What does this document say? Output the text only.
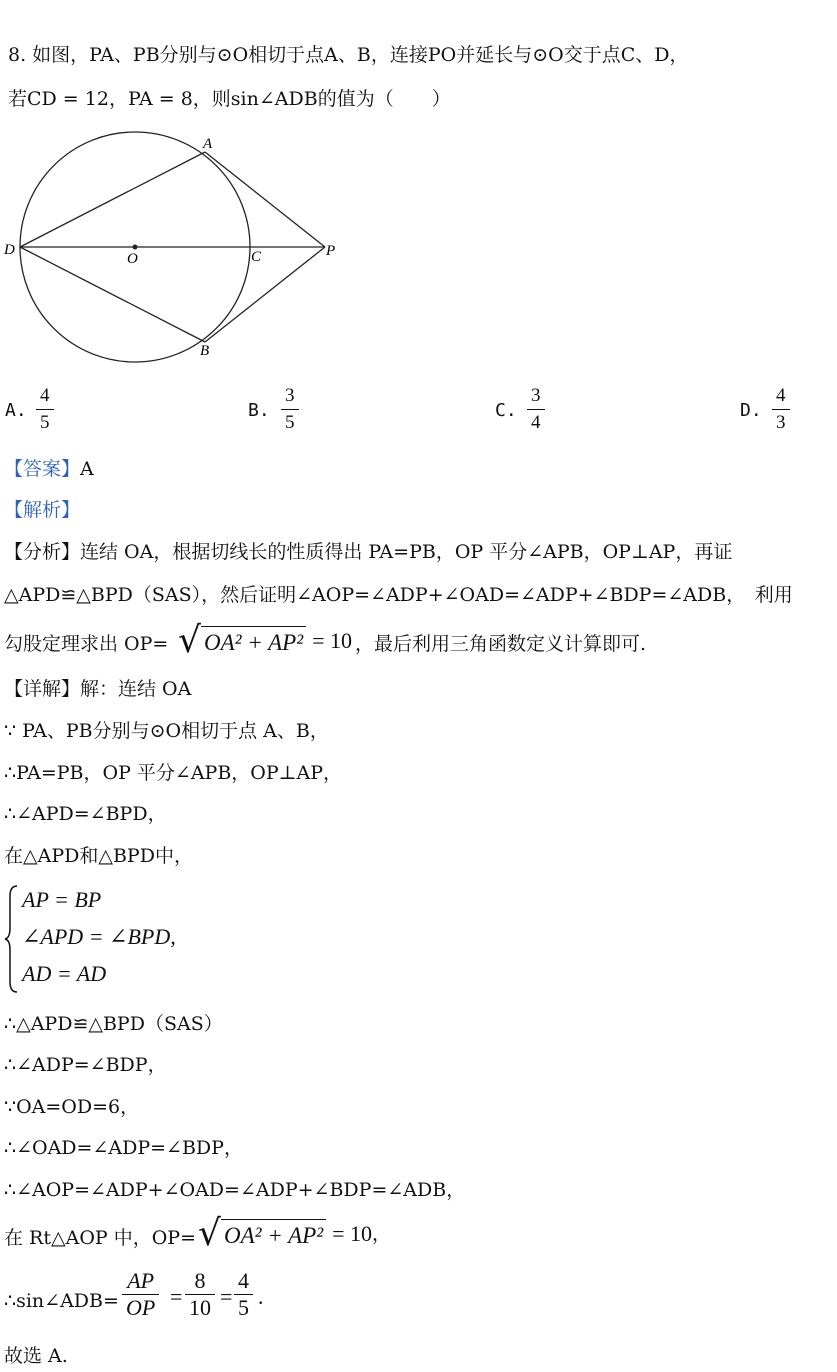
8. 如图，PA、PB分别与⊙O相切于点A、B，连接PO并延长与⊙O交于点C、D，
若CD = 12，PA = 8，则sin∠ADB的值为（　　）
A
B
C
D
O	P
A.
4
5
B.
3
5
C.
3
4
D.
4
3
【答案】A
【解析】
【分析】连结 OA，根据切线长的性质得出 PA=PB，OP 平分∠APB，OP⊥AP，再证
△APD≌△BPD（SAS），然后证明∠AOP=∠ADP+∠OAD=∠ADP+∠BDP=∠ADB，　利用
勾股定理求出 OP= √ OA² + AP² = 10 ，最后利用三角函数定义计算即可.
【详解】解：连结 OA
∵ PA、PB分别与⊙O相切于点 A、B，
∴PA=PB，OP 平分∠APB，OP⊥AP，
∴∠APD=∠BPD，
在△APD和△BPD中，
AP = BP
∠APD = ∠BPD,
AD = AD
∴△APD≌△BPD（SAS）
∴∠ADP=∠BDP，
∵OA=OD=6，
∴∠OAD=∠ADP=∠BDP，
∴∠AOP=∠ADP+∠OAD=∠ADP+∠BDP=∠ADB，
在 Rt△AOP 中，OP= √ OA² + AP² = 10 ，
∴sin∠ADB=
AP
OP =
8
10 =
4
5 .
故选 A.
